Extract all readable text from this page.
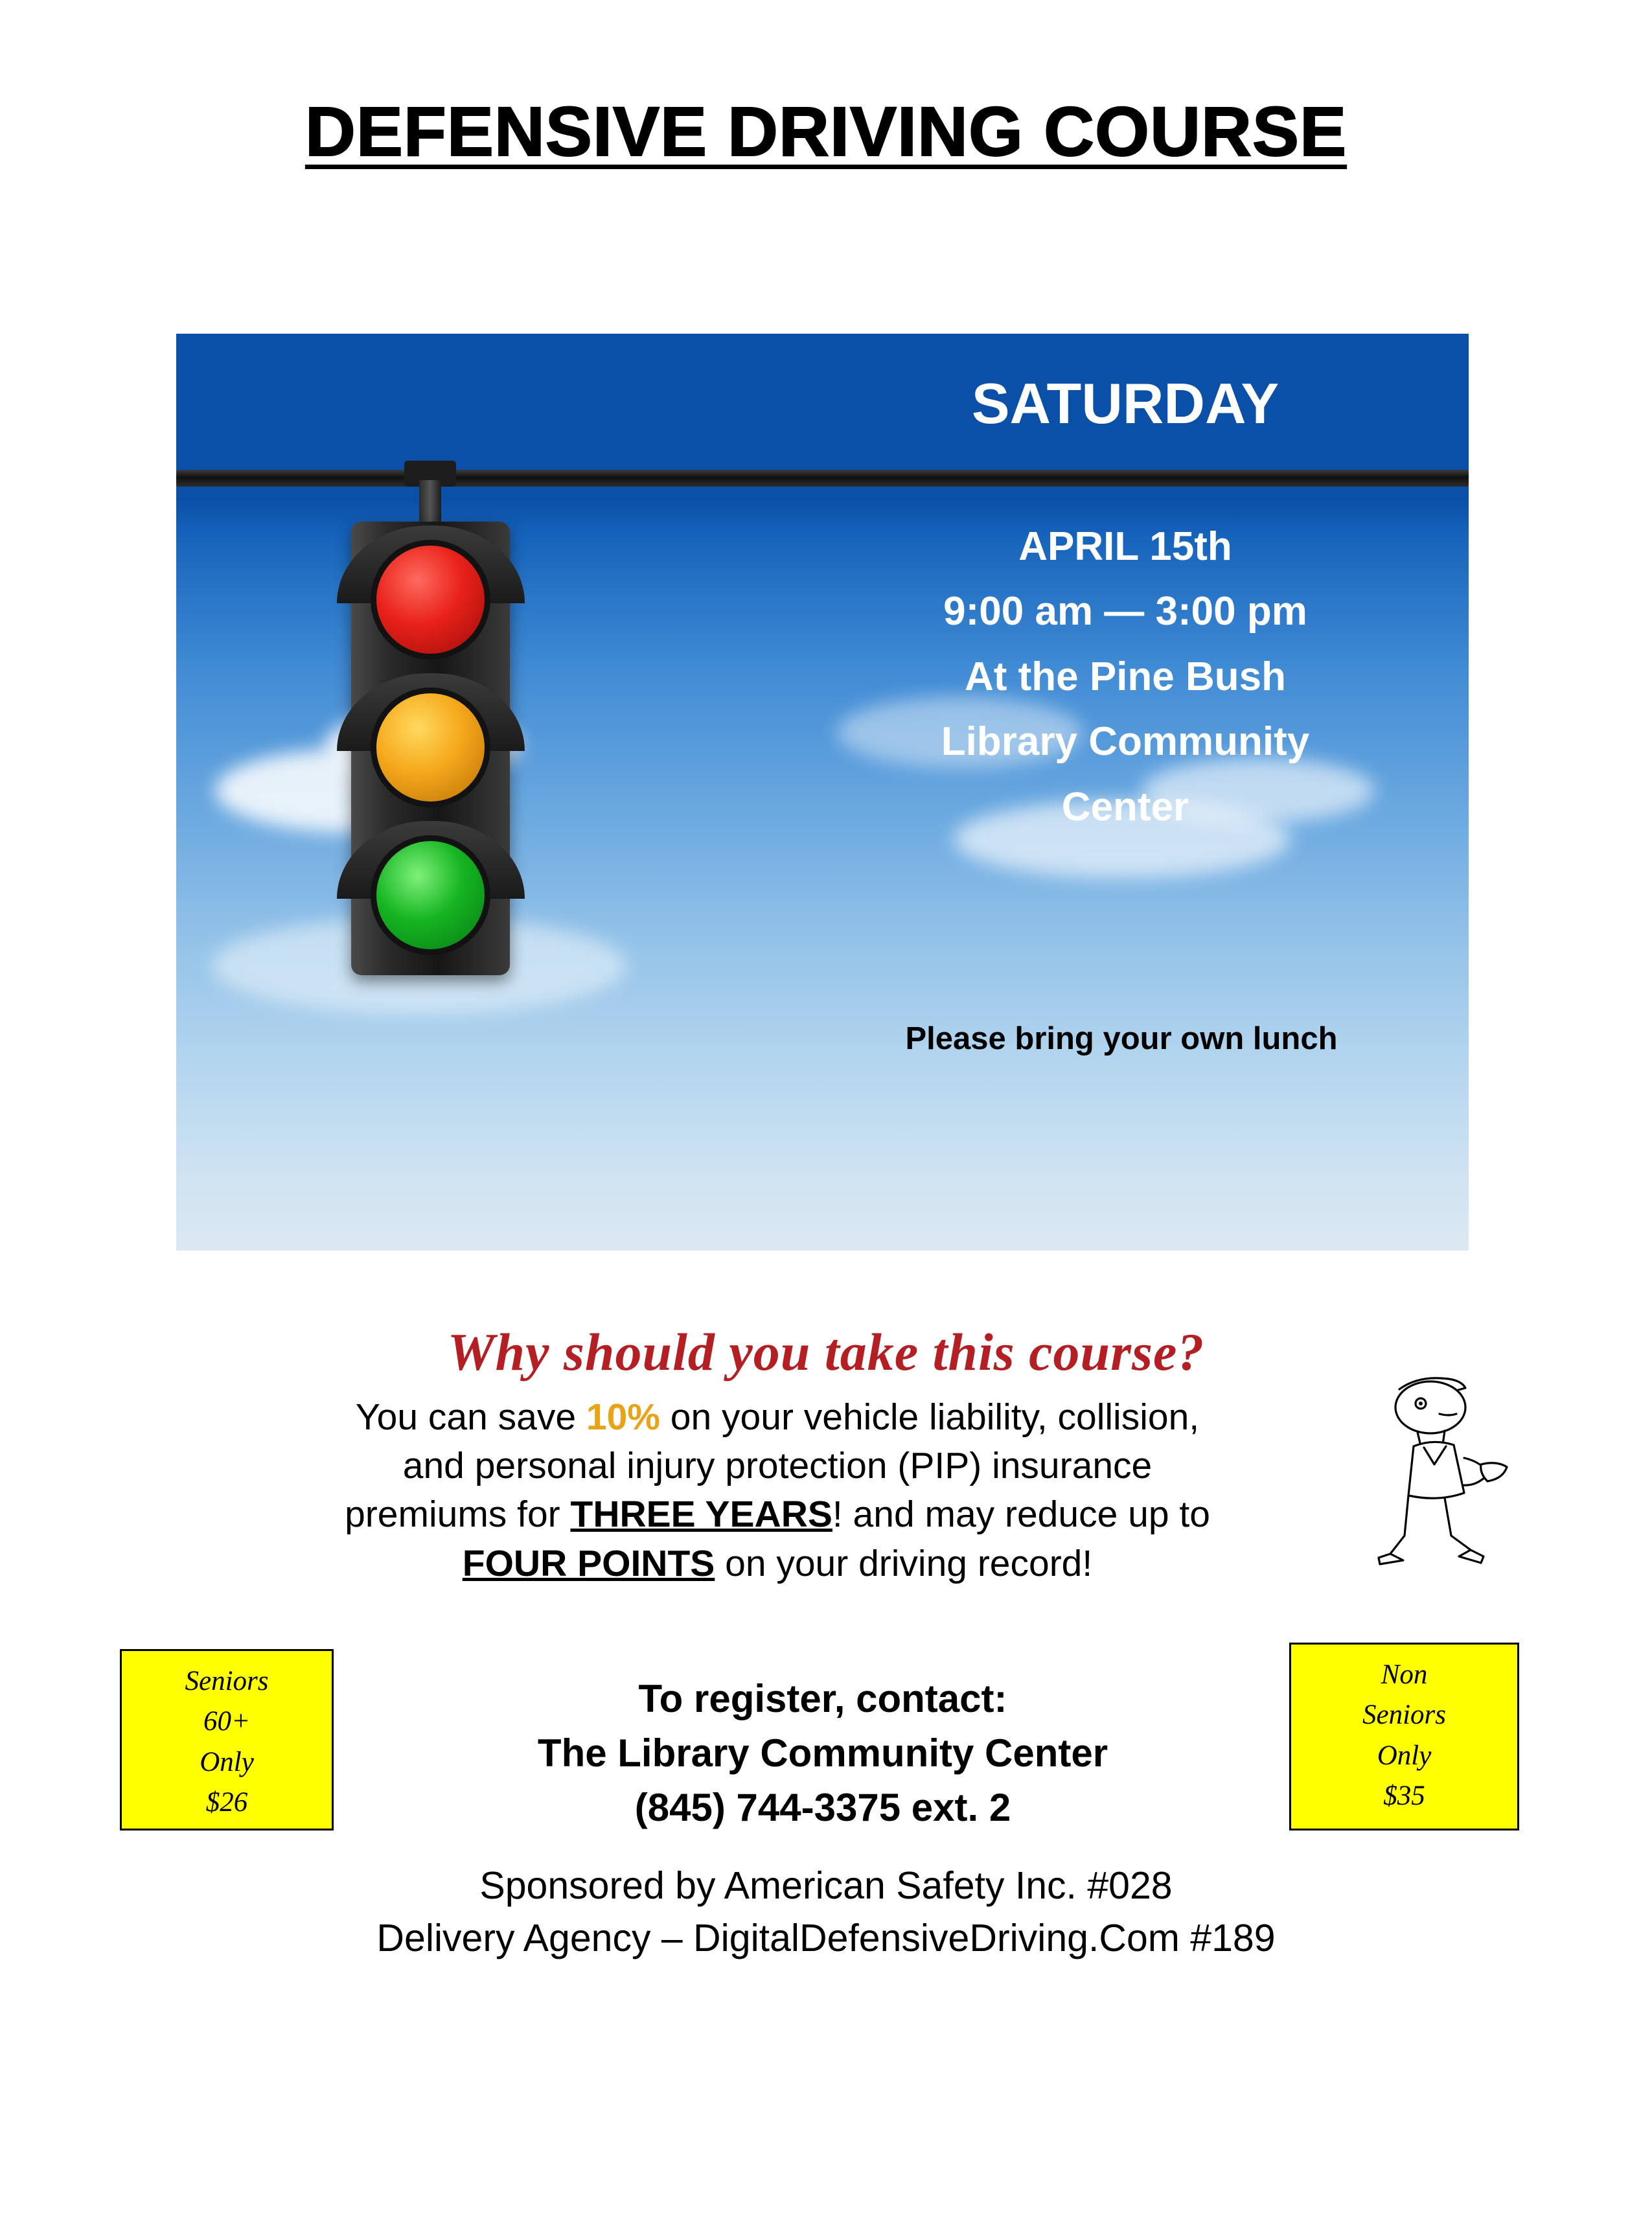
DEFENSIVE DRIVING COURSE
SATURDAY
APRIL 15th
9:00 am — 3:00 pm
At the Pine Bush
Library Community
Center
Please bring your own lunch
Why should you take this course?
You can save 10% on your vehicle liability, collision,
and personal injury protection (PIP) insurance
premiums for THREE YEARS! and may reduce up to
FOUR POINTS on your driving record!
Seniors
60+
Only
$26
Non
Seniors
Only
$35
To register, contact:
The Library Community Center
(845) 744-3375 ext. 2
Sponsored by American Safety Inc. #028
Delivery Agency – DigitalDefensiveDriving.Com #189
